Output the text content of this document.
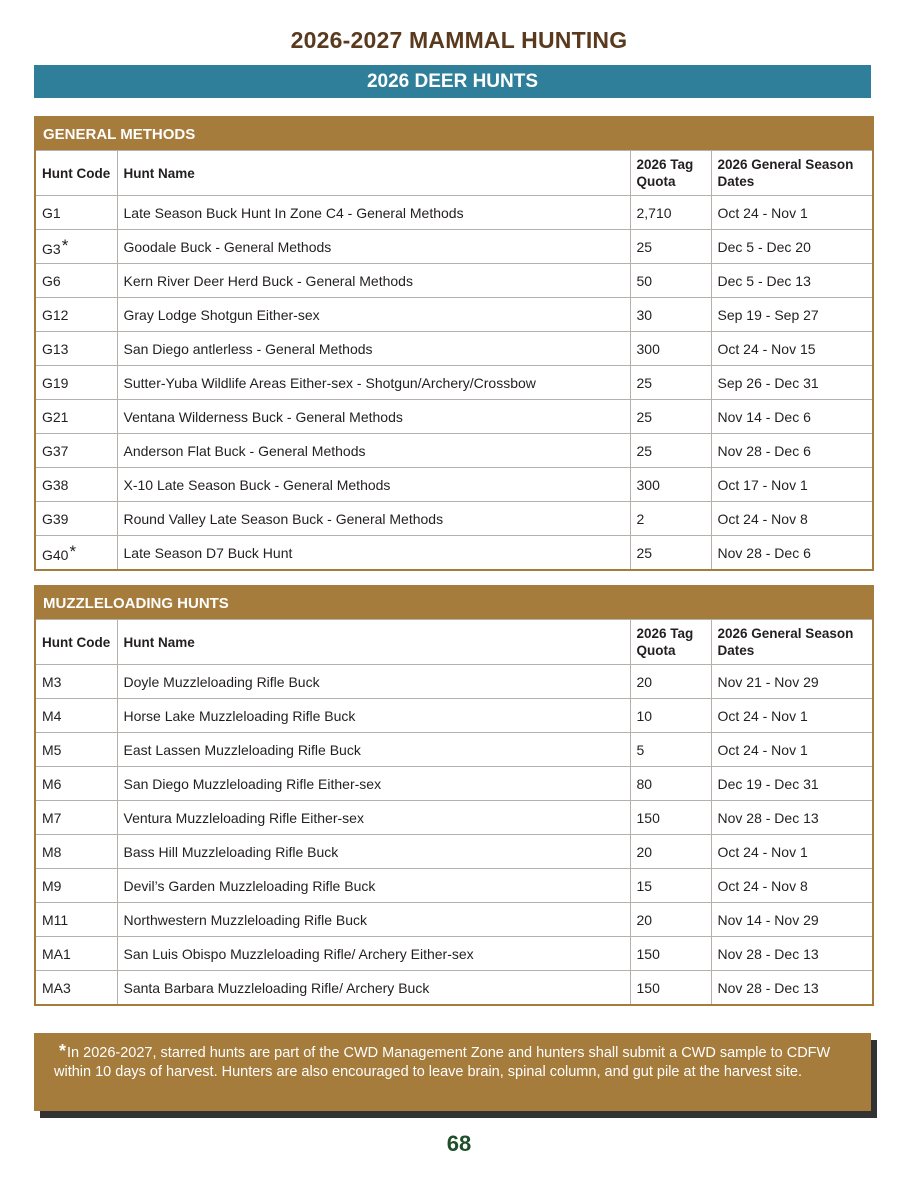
2026-2027 MAMMAL HUNTING
2026 DEER HUNTS
GENERAL METHODS
Hunt Code	Hunt Name	2026 Tag Quota	2026 General Season Dates
G1	Late Season Buck Hunt In Zone C4 - General Methods	2,710	Oct 24 - Nov 1
G3*	Goodale Buck - General Methods	25	Dec 5 - Dec 20
G6	Kern River Deer Herd Buck - General Methods	50	Dec 5 - Dec 13
G12	Gray Lodge Shotgun Either-sex	30	Sep 19 - Sep 27
G13	San Diego antlerless - General Methods	300	Oct 24 - Nov 15
G19	Sutter-Yuba Wildlife Areas Either-sex - Shotgun/Archery/Crossbow	25	Sep 26 - Dec 31
G21	Ventana Wilderness Buck - General Methods	25	Nov 14 - Dec 6
G37	Anderson Flat Buck - General Methods	25	Nov 28 - Dec 6
G38	X-10 Late Season Buck - General Methods	300	Oct 17 - Nov 1
G39	Round Valley Late Season Buck - General Methods	2	Oct 24 - Nov 8
G40*	Late Season D7 Buck Hunt	25	Nov 28 - Dec 6
MUZZLELOADING HUNTS
Hunt Code	Hunt Name	2026 Tag Quota	2026 General Season Dates
M3	Doyle Muzzleloading Rifle Buck	20	Nov 21 - Nov 29
M4	Horse Lake Muzzleloading Rifle Buck	10	Oct 24 - Nov 1
M5	East Lassen Muzzleloading Rifle Buck	5	Oct 24 - Nov 1
M6	San Diego Muzzleloading Rifle Either-sex	80	Dec 19 - Dec 31
M7	Ventura Muzzleloading Rifle Either-sex	150	Nov 28 - Dec 13
M8	Bass Hill Muzzleloading Rifle Buck	20	Oct 24 - Nov 1
M9	Devil’s Garden Muzzleloading Rifle Buck	15	Oct 24 - Nov 8
M11	Northwestern Muzzleloading Rifle Buck	20	Nov 14 - Nov 29
MA1	San Luis Obispo Muzzleloading Rifle/ Archery Either-sex	150	Nov 28 - Dec 13
MA3	Santa Barbara Muzzleloading Rifle/ Archery Buck	150	Nov 28 - Dec 13
*In 2026-2027, starred hunts are part of the CWD Management Zone and hunters shall submit a CWD sample to CDFW within 10 days of harvest. Hunters are also encouraged to leave brain, spinal column, and gut pile at the harvest site.
68
